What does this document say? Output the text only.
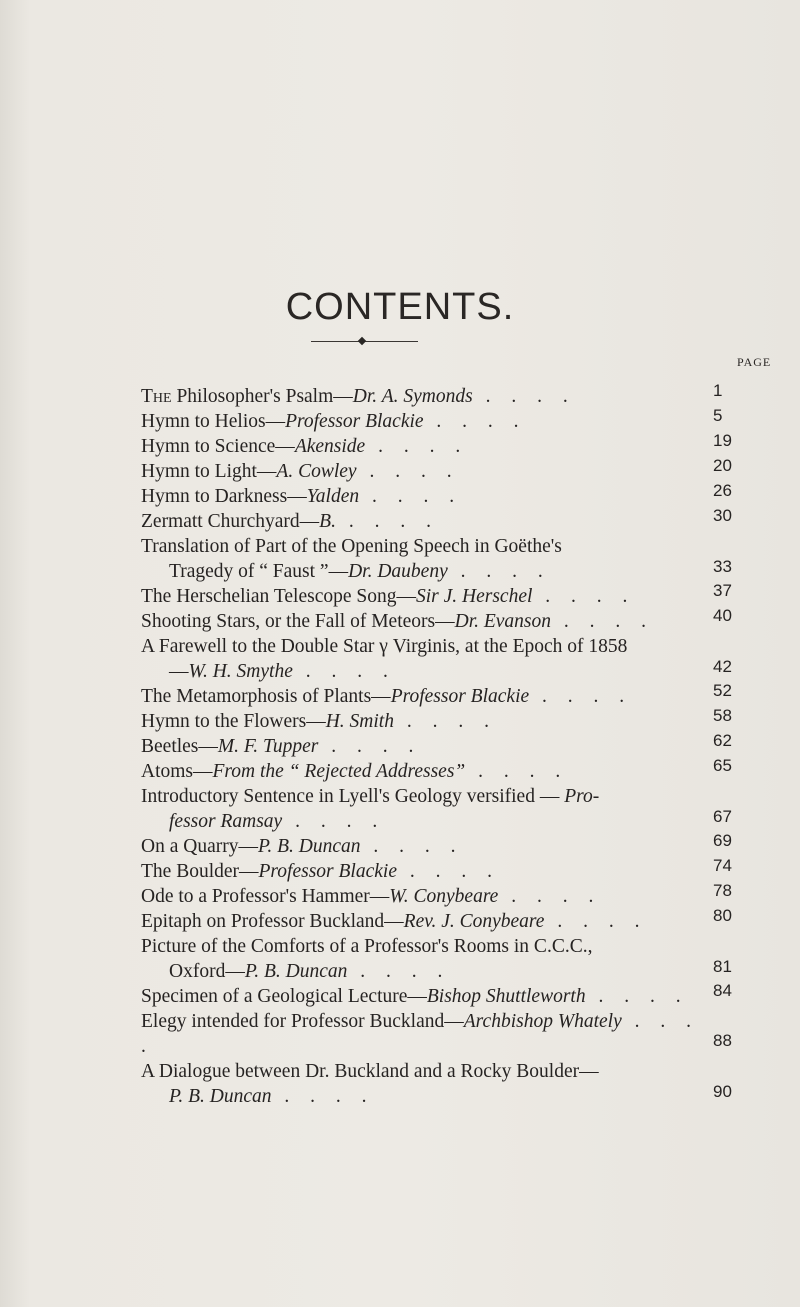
CONTENTS.
PAGE
The Philosopher's Psalm—Dr. A. Symonds . . . .	1
Hymn to Helios—Professor Blackie . . . .	5
Hymn to Science—Akenside . . . .	19
Hymn to Light—A. Cowley . . . .	20
Hymn to Darkness—Yalden . . . .	26
Zermatt Churchyard—B. . . . .	30
Translation of Part of the Opening Speech in Goëthe's
Tragedy of “ Faust ”—Dr. Daubeny . . . .	33
The Herschelian Telescope Song—Sir J. Herschel . . . .	37
Shooting Stars, or the Fall of Meteors—Dr. Evanson . . . .	40
A Farewell to the Double Star γ Virginis, at the Epoch of 1858
—W. H. Smythe . . . .	42
The Metamorphosis of Plants—Professor Blackie . . . .	52
Hymn to the Flowers—H. Smith . . . .	58
Beetles—M. F. Tupper . . . .	62
Atoms—From the “ Rejected Addresses” . . . .	65
Introductory Sentence in Lyell's Geology versified — Pro-
fessor Ramsay . . . .	67
On a Quarry—P. B. Duncan . . . .	69
The Boulder—Professor Blackie . . . .	74
Ode to a Professor's Hammer—W. Conybeare . . . .	78
Epitaph on Professor Buckland—Rev. J. Conybeare . . . .	80
Picture of the Comforts of a Professor's Rooms in C.C.C.,
Oxford—P. B. Duncan . . . .	81
Specimen of a Geological Lecture—Bishop Shuttleworth . . . .	84
Elegy intended for Professor Buckland—Archbishop Whately . . . .	88
A Dialogue between Dr. Buckland and a Rocky Boulder—
P. B. Duncan . . . .	90
